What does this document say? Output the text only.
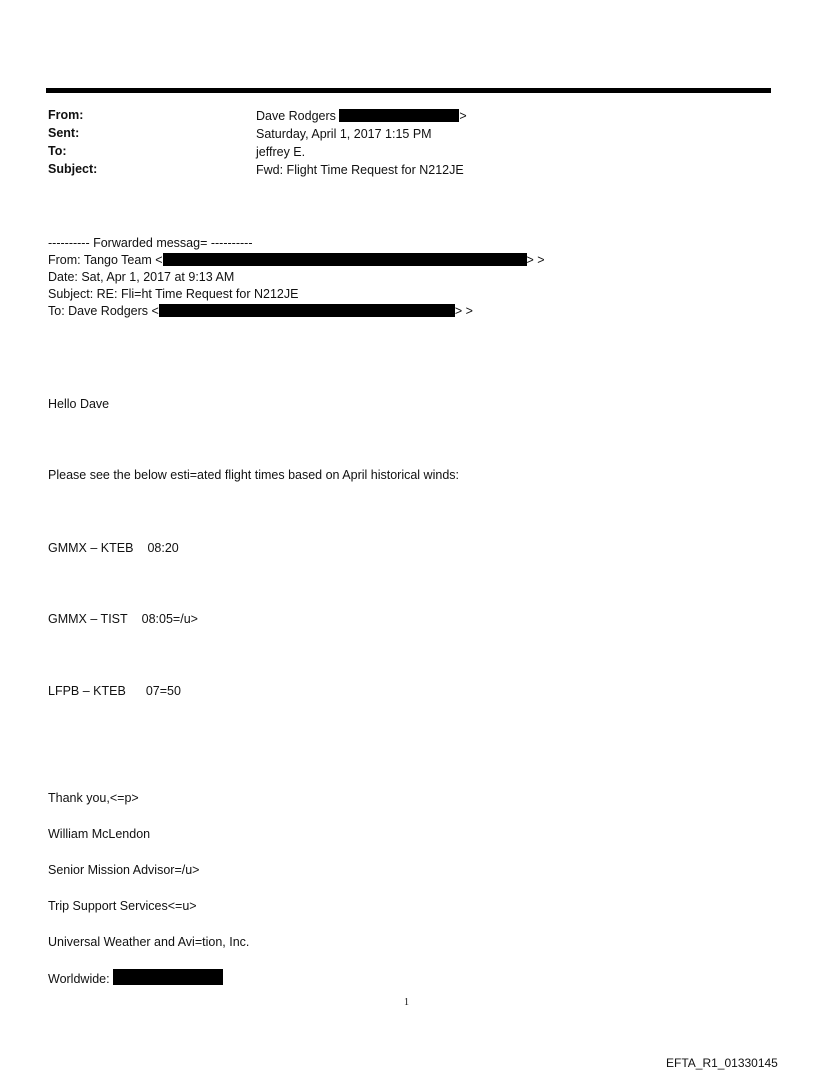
From:	Dave Rodgers	>
Sent:	Saturday, April 1, 2017 1:15 PM
To:	jeffrey E.
Subject:	Fwd: Flight Time Request for N212JE
---------- Forwarded messag= ----------
From: Tango Team <	> >
Date: Sat, Apr 1, 2017 at 9:13 AM
Subject: RE: Fli=ht Time Request for N212JE
To: Dave Rodgers <	> >
Hello Dave
Please see the below esti=ated flight times based on April historical winds:
GMMX – KTEB 08:20
GMMX – TIST 08:05=/u>
LFPB – KTEB 07=50
Thank you,<=p>
William McLendon
Senior Mission Advisor=/u>
Trip Support Services<=u>
Universal Weather and Avi=tion, Inc.
Worldwide:
1
EFTA_R1_01330145
